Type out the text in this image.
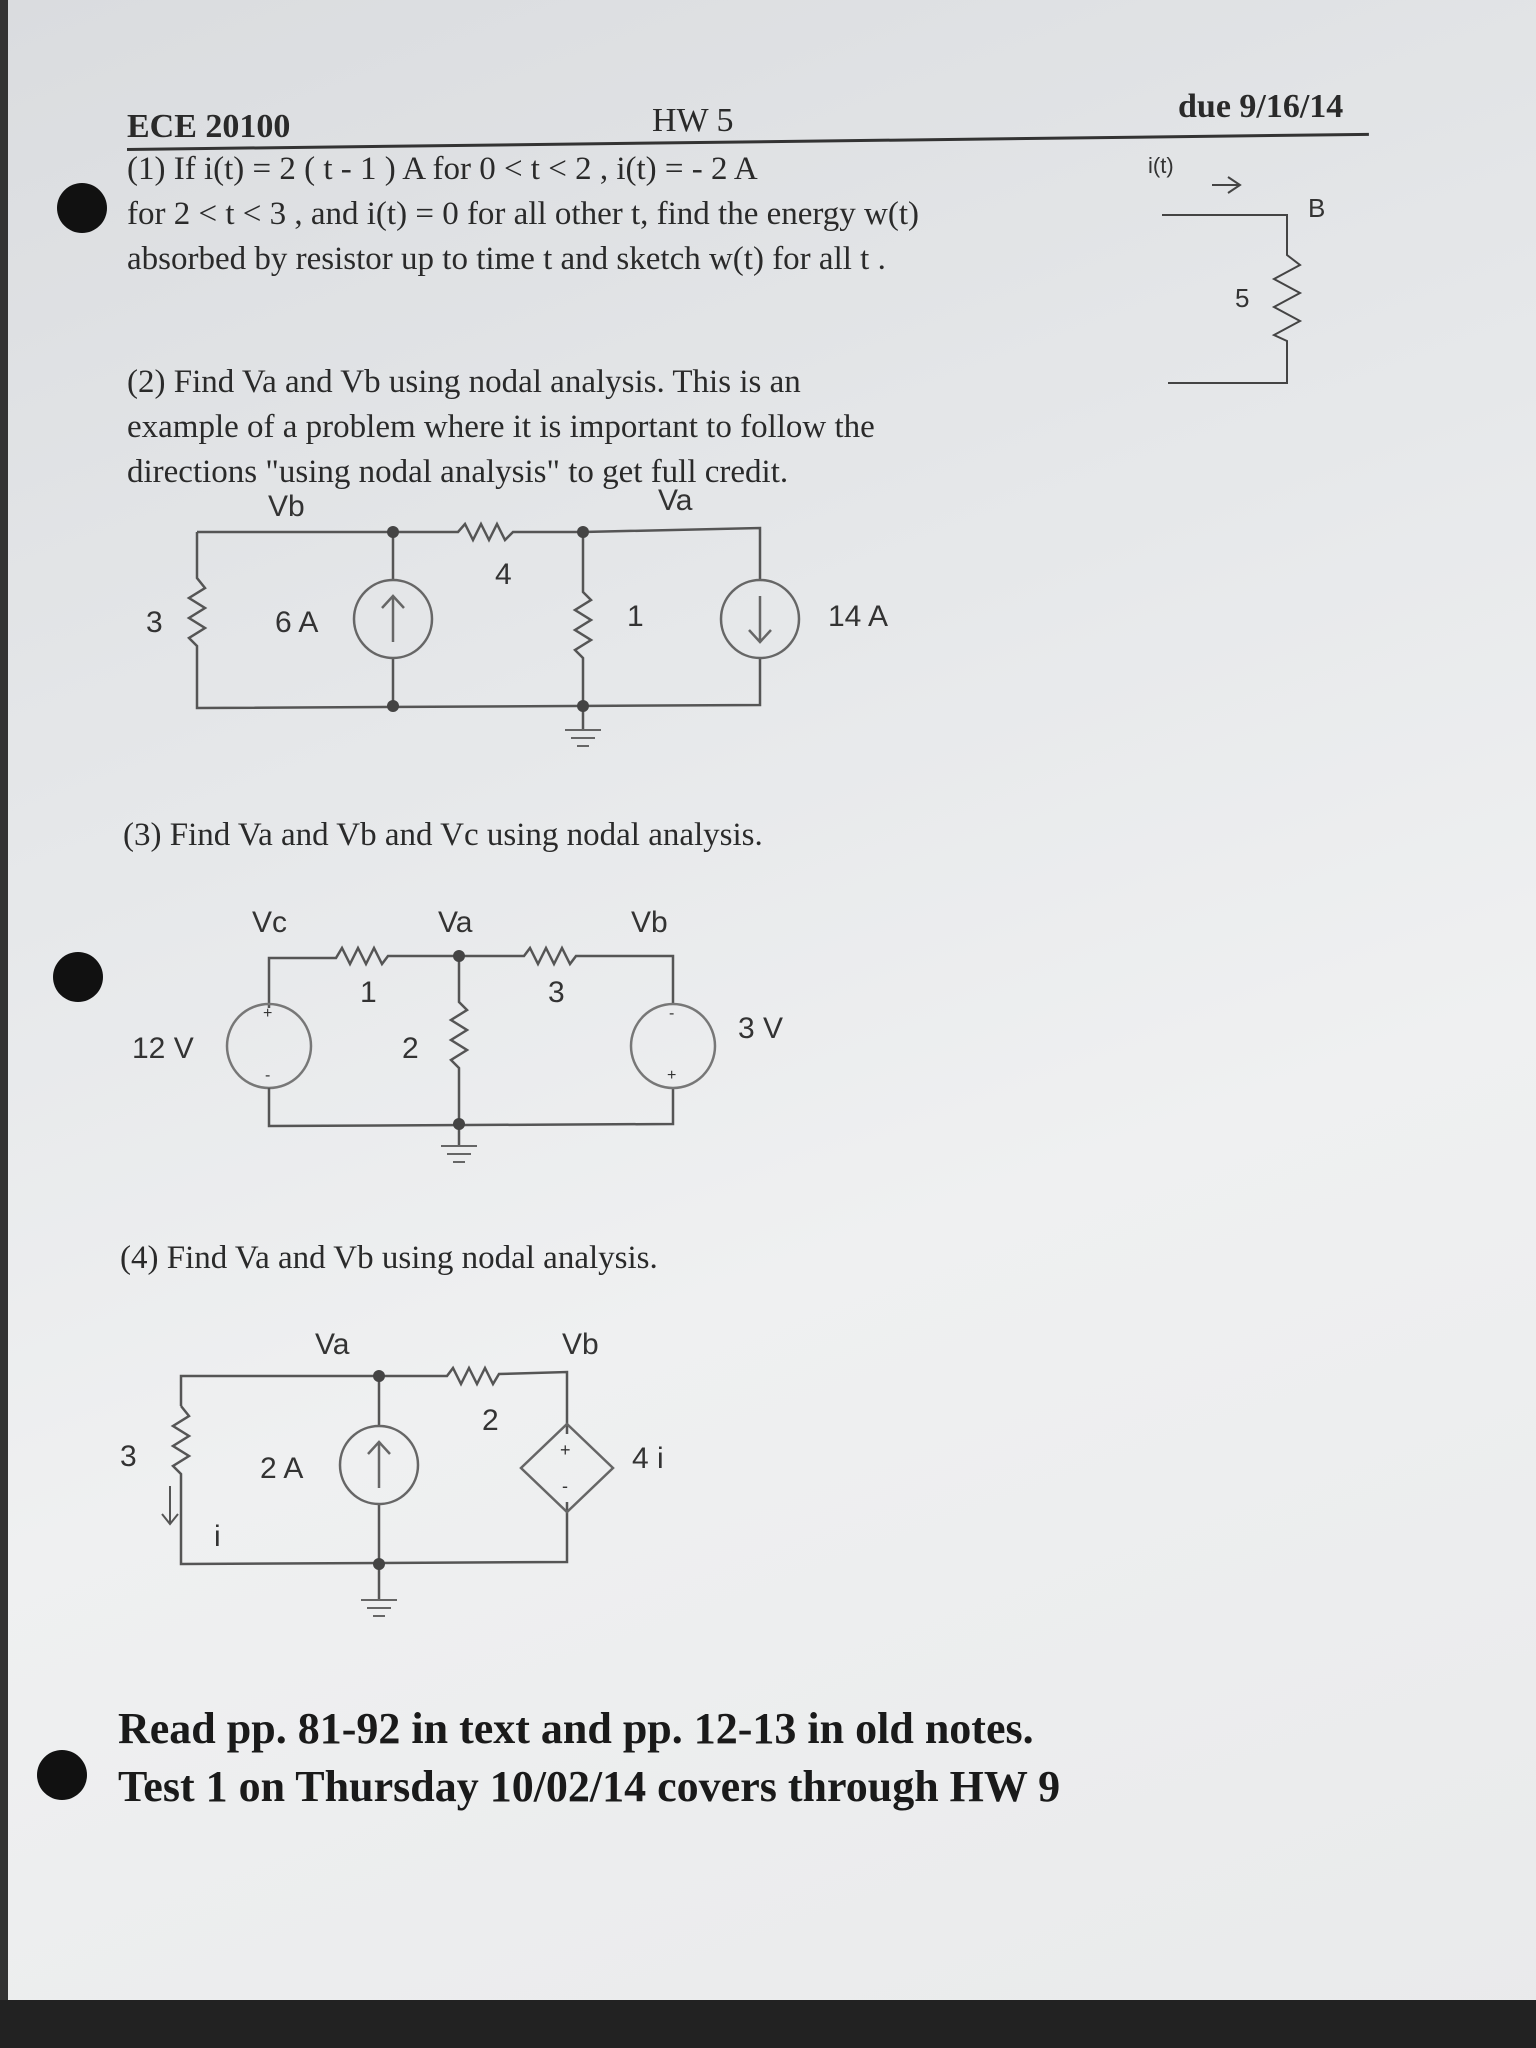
ECE 20100	HW 5	due 9/16/14
(1) If i(t) = 2 ( t - 1 ) A for 0 < t < 2 , i(t) = - 2 A
for 2 < t < 3 , and i(t) = 0 for all other t, find the energy w(t)
absorbed by resistor up to time t and sketch w(t) for all t .
i(t)
B
5
(2) Find Va and Vb using nodal analysis. This is an
example of a problem where it is important to follow the
directions "using nodal analysis" to get full credit.
Vb	Va
3
4
6 A	1	14 A
(3) Find Va and Vb and Vc using nodal analysis.
Vc	Va	Vb
1	3
+
-
12 V	2
-
+
3 V
(4) Find Va and Vb using nodal analysis.
Va	Vb
2
3
i
2 A
+
-
4 i
Read pp. 81-92 in text and pp. 12-13 in old notes.
Test 1 on Thursday 10/02/14 covers through HW 9
